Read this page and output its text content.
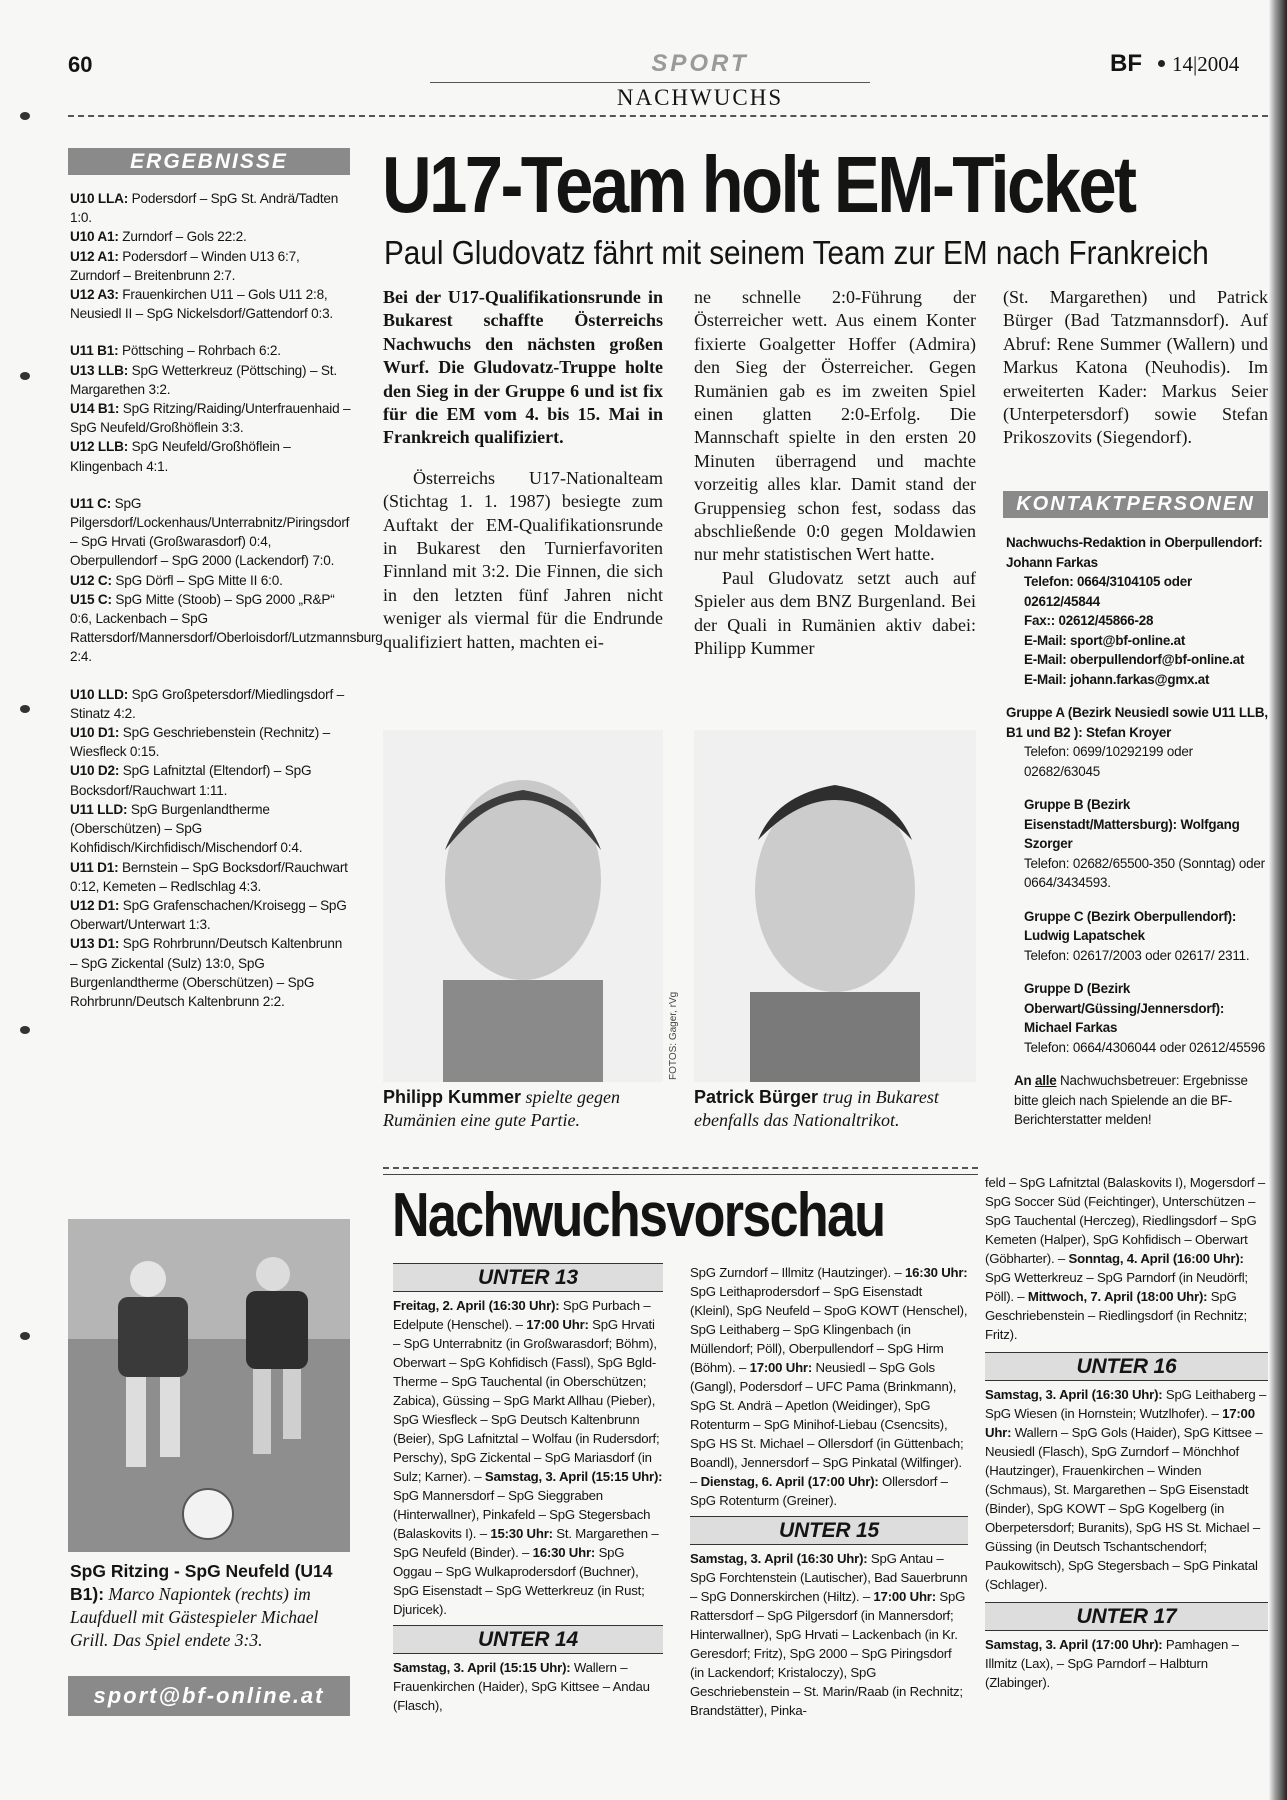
60	SPORT
NACHWUCHS
BF 14|2004
ERGEBNISSE

U10 LLA: Podersdorf – SpG St. Andrä/Tadten 1:0.

U10 A1: Zurndorf – Gols 22:2.

U12 A1: Podersdorf – Winden U13 6:7, Zurndorf – Breitenbrunn 2:7.

U12 A3: Frauenkirchen U11 – Gols U11 2:8, Neusiedl II – SpG Nickelsdorf/Gattendorf 0:3.

U11 B1: Pöttsching – Rohrbach 6:2.

U13 LLB: SpG Wetterkreuz (Pöttsching) – St. Margarethen 3:2.

U14 B1: SpG Ritzing/Raiding/Unterfrauenhaid – SpG Neufeld/Großhöflein 3:3.

U12 LLB: SpG Neufeld/Großhöflein – Klingenbach 4:1.

U11 C: SpG Pilgersdorf/Lockenhaus/Unterrabnitz/Piringsdorf – SpG Hrvati (Großwarasdorf) 0:4, Oberpullendorf – SpG 2000 (Lackendorf) 7:0.

U12 C: SpG Dörfl – SpG Mitte II 6:0.

U15 C: SpG Mitte (Stoob) – SpG 2000 „R&P“ 0:6, Lackenbach – SpG Rattersdorf/Mannersdorf/Oberloisdorf/Lutzmannsburg 2:4.

U10 LLD: SpG Großpetersdorf/Miedlingsdorf – Stinatz 4:2.

U10 D1: SpG Geschriebenstein (Rechnitz) – Wiesfleck 0:15.

U10 D2: SpG Lafnitztal (Eltendorf) – SpG Bocksdorf/Rauchwart 1:11.

U11 LLD: SpG Burgenlandtherme (Oberschützen) – SpG Kohfidisch/Kirchfidisch/Mischendorf 0:4.

U11 D1: Bernstein – SpG Bocksdorf/Rauchwart 0:12, Kemeten – Redlschlag 4:3.

U12 D1: SpG Grafenschachen/Kroisegg – SpG Oberwart/Unterwart 1:3.

U13 D1: SpG Rohrbrunn/Deutsch Kaltenbrunn – SpG Zickental (Sulz) 13:0, SpG Burgenlandtherme (Oberschützen) – SpG Rohrbrunn/Deutsch Kaltenbrunn 2:2.

SpG Ritzing - SpG Neufeld (U14 B1): Marco Napiontek (rechts) im Laufduell mit Gästespieler Michael Grill. Das Spiel endete 3:3.
sport@bf-online.at
U17-Team holt EM-Ticket
Paul Gludovatz fährt mit seinem Team zur EM nach Frankreich

Bei der U17-Qualifikationsrunde in Bukarest schaffte Österreichs Nachwuchs den nächsten großen Wurf. Die Gludovatz-Truppe holte den Sieg in der Gruppe 6 und ist fix für die EM vom 4. bis 15. Mai in Frankreich qualifiziert.

Österreichs U17-Nationalteam (Stichtag 1. 1. 1987) besiegte zum Auftakt der EM-Qualifikationsrunde in Bukarest den Turnierfavoriten Finnland mit 3:2. Die Finnen, die sich in den letzten fünf Jahren nicht weniger als viermal für die Endrunde qualifiziert hatten, machten ei-

ne schnelle 2:0-Führung der Österreicher wett. Aus einem Konter fixierte Goalgetter Hoffer (Admira) den Sieg der Österreicher. Gegen Rumänien gab es im zweiten Spiel einen glatten 2:0-Erfolg. Die Mannschaft spielte in den ersten 20 Minuten überragend und machte vorzeitig alles klar. Damit stand der Gruppensieg schon fest, sodass das abschließende 0:0 gegen Moldawien nur mehr statistischen Wert hatte.

Paul Gludovatz setzt auch auf Spieler aus dem BNZ Burgenland. Bei der Quali in Rumänien aktiv dabei: Philipp Kummer

(St. Margarethen) und Patrick Bürger (Bad Tatzmannsdorf). Auf Abruf: Rene Summer (Wallern) und Markus Katona (Neuhodis). Im erweiterten Kader: Markus Seier (Unterpetersdorf) sowie Stefan Prikoszovits (Siegendorf).

FOTOS: Gager, rVg
Philipp Kummer spielte gegen Rumänien eine gute Partie.
Patrick Bürger trug in Bukarest ebenfalls das Nationaltrikot.
KONTAKTPERSONEN

Nachwuchs-Redaktion in Oberpullendorf: Johann Farkas

Telefon: 0664/3104105 oder 02612/45844

Fax:: 02612/45866-28

E-Mail: sport@bf-online.at

E-Mail: oberpullendorf@bf-online.at

E-Mail: johann.farkas@gmx.at

Gruppe A (Bezirk Neusiedl sowie U11 LLB, B1 und B2 ): Stefan Kroyer

Telefon: 0699/10292199 oder 02682/63045

Gruppe B (Bezirk Eisenstadt/Mattersburg): Wolfgang Szorger

Telefon: 02682/65500-350 (Sonntag) oder 0664/3434593.

Gruppe C (Bezirk Oberpullendorf): Ludwig Lapatschek

Telefon: 02617/2003 oder 02617/ 2311.

Gruppe D (Bezirk Oberwart/Güssing/Jennersdorf): Michael Farkas

Telefon: 0664/4306044 oder 02612/45596

An alle Nachwuchsbetreuer: Ergebnisse bitte gleich nach Spielende an die BF-Berichterstatter melden!

Nachwuchsvorschau
UNTER 13

Freitag, 2. April (16:30 Uhr): SpG Purbach – Edelpute (Henschel). – 17:00 Uhr: SpG Hrvati – SpG Unterrabnitz (in Großwarasdorf; Böhm), Oberwart – SpG Kohfidisch (Fassl), SpG Bgld-Therme – SpG Tauchental (in Oberschützen; Zabica), Güssing – SpG Markt Allhau (Pieber), SpG Wiesfleck – SpG Deutsch Kaltenbrunn (Beier), SpG Lafnitztal – Wolfau (in Rudersdorf; Perschy), SpG Zickental – SpG Mariasdorf (in Sulz; Karner). – Samstag, 3. April (15:15 Uhr): SpG Mannersdorf – SpG Sieggraben (Hinterwallner), Pinkafeld – SpG Stegersbach (Balaskovits I). – 15:30 Uhr: St. Margarethen – SpG Neufeld (Binder). – 16:30 Uhr: SpG Oggau – SpG Wulkaprodersdorf (Buchner), SpG Eisenstadt – SpG Wetterkreuz (in Rust; Djuricek).

UNTER 14

Samstag, 3. April (15:15 Uhr): Wallern – Frauenkirchen (Haider), SpG Kittsee – Andau (Flasch),

SpG Zurndorf – Illmitz (Hautzinger). – 16:30 Uhr: SpG Leithaprodersdorf – SpG Eisenstadt (Kleinl), SpG Neufeld – SpoG KOWT (Henschel), SpG Leithaberg – SpG Klingenbach (in Müllendorf; Pöll), Oberpullendorf – SpG Hirm (Böhm). – 17:00 Uhr: Neusiedl – SpG Gols (Gangl), Podersdorf – UFC Pama (Brinkmann), SpG St. Andrä – Apetlon (Weidinger), SpG Rotenturm – SpG Minihof-Liebau (Csencsits), SpG HS St. Michael – Ollersdorf (in Güttenbach; Boandl), Jennersdorf – SpG Pinkatal (Wilfinger). – Dienstag, 6. April (17:00 Uhr): Ollersdorf – SpG Rotenturm (Greiner).

UNTER 15

Samstag, 3. April (16:30 Uhr): SpG Antau – SpG Forchtenstein (Lautischer), Bad Sauerbrunn – SpG Donnerskirchen (Hiltz). – 17:00 Uhr: SpG Rattersdorf – SpG Pilgersdorf (in Mannersdorf; Hinterwallner), SpG Hrvati – Lackenbach (in Kr. Geresdorf; Fritz), SpG 2000 – SpG Piringsdorf (in Lackendorf; Kristaloczy), SpG Geschriebenstein – St. Marin/Raab (in Rechnitz; Brandstätter), Pinka-

feld – SpG Lafnitztal (Balaskovits I), Mogersdorf – SpG Soccer Süd (Feichtinger), Unterschützen – SpG Tauchental (Herczeg), Riedlingsdorf – SpG Kemeten (Halper), SpG Kohfidisch – Oberwart (Göbharter). – Sonntag, 4. April (16:00 Uhr): SpG Wetterkreuz – SpG Parndorf (in Neudörfl; Pöll). – Mittwoch, 7. April (18:00 Uhr): SpG Geschriebenstein – Riedlingsdorf (in Rechnitz; Fritz).

UNTER 16

Samstag, 3. April (16:30 Uhr): SpG Leithaberg – SpG Wiesen (in Hornstein; Wutzlhofer). – 17:00 Uhr: Wallern – SpG Gols (Haider), SpG Kittsee – Neusiedl (Flasch), SpG Zurndorf – Mönchhof (Hautzinger), Frauenkirchen – Winden (Schmaus), St. Margarethen – SpG Eisenstadt (Binder), SpG KOWT – SpG Kogelberg (in Oberpetersdorf; Buranits), SpG HS St. Michael – Güssing (in Deutsch Tschantschendorf; Paukowitsch), SpG Stegersbach – SpG Pinkatal (Schlager).

UNTER 17

Samstag, 3. April (17:00 Uhr): Pamhagen – Illmitz (Lax), – SpG Parndorf – Halbturn (Zlabinger).
